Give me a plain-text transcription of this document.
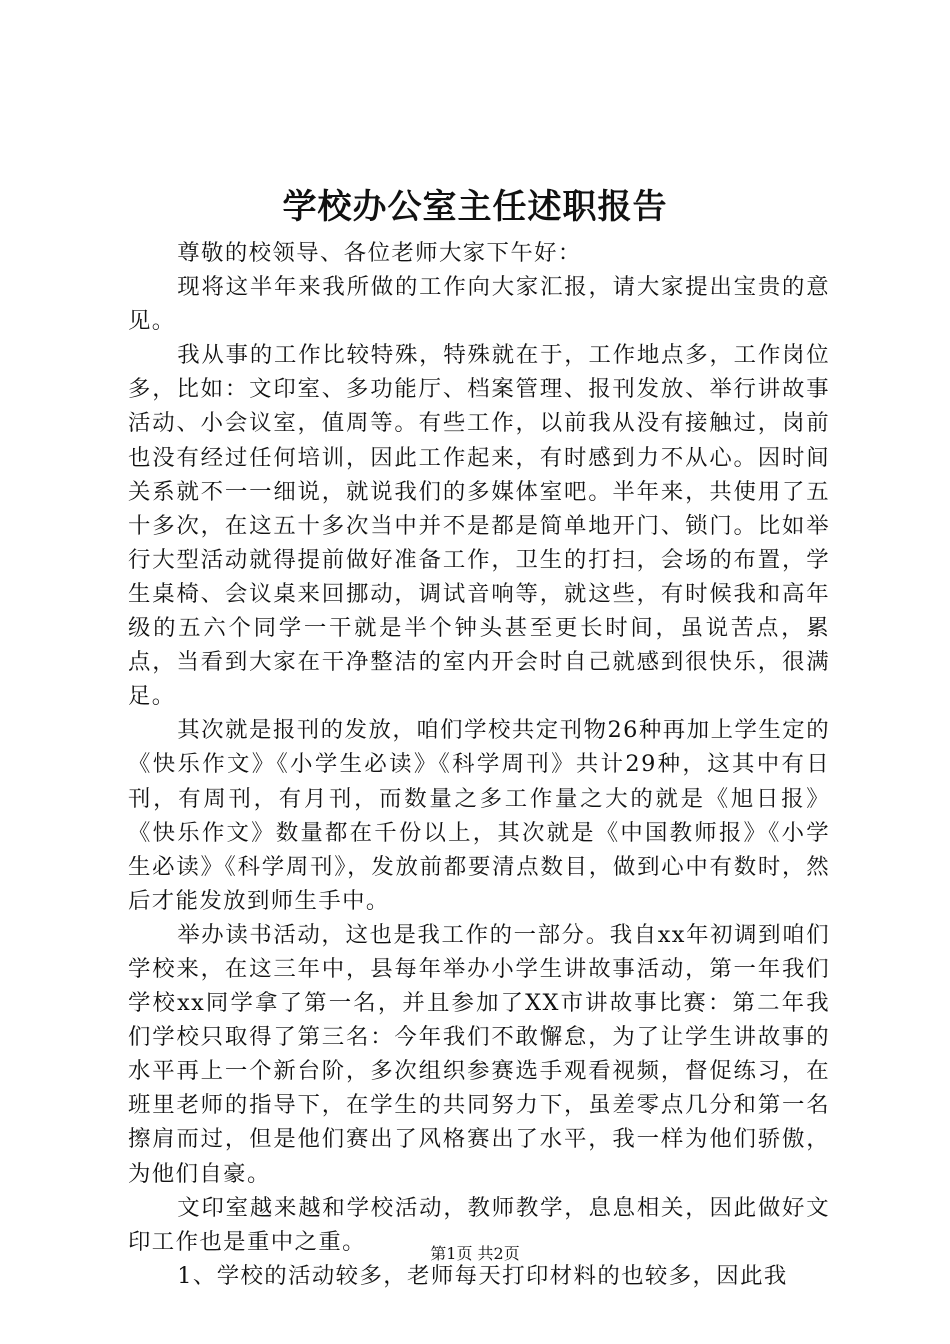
学校办公室主任述职报告

尊敬的校领导、各位老师大家下午好：

现将这半年来我所做的工作向大家汇报，请大家提出宝贵的意见。

我从事的工作比较特殊，特殊就在于，工作地点多，工作岗位多，比如：文印室、多功能厅、档案管理、报刊发放、举行讲故事活动、小会议室，值周等。有些工作，以前我从没有接触过，岗前也没有经过任何培训，因此工作起来，有时感到力不从心。因时间关系就不一一细说，就说我们的多媒体室吧。半年来，共使用了五十多次，在这五十多次当中并不是都是简单地开门、锁门。比如举行大型活动就得提前做好准备工作，卫生的打扫，会场的布置，学生桌椅、会议桌来回挪动，调试音响等，就这些，有时候我和高年级的五六个同学一干就是半个钟头甚至更长时间，虽说苦点，累点，当看到大家在干净整洁的室内开会时自己就感到很快乐，很满足。

其次就是报刊的发放，咱们学校共定刊物26种再加上学生定的《快乐作文》《小学生必读》《科学周刊》共计29种，这其中有日刊，有周刊，有月刊，而数量之多工作量之大的就是《旭日报》《快乐作文》数量都在千份以上，其次就是《中国教师报》《小学生必读》《科学周刊》，发放前都要清点数目，做到心中有数时，然后才能发放到师生手中。

举办读书活动，这也是我工作的一部分。我自xx年初调到咱们学校来，在这三年中，县每年举办小学生讲故事活动，第一年我们学校xx同学拿了第一名，并且参加了XX市讲故事比赛：第二年我们学校只取得了第三名：今年我们不敢懈怠，为了让学生讲故事的水平再上一个新台阶，多次组织参赛选手观看视频，督促练习，在班里老师的指导下，在学生的共同努力下，虽差零点几分和第一名擦肩而过，但是他们赛出了风格赛出了水平，我一样为他们骄傲，为他们自豪。

文印室越来越和学校活动，教师教学，息息相关，因此做好文印工作也是重中之重。

1、学校的活动较多，老师每天打印材料的也较多，因此我

第1页 共2页
